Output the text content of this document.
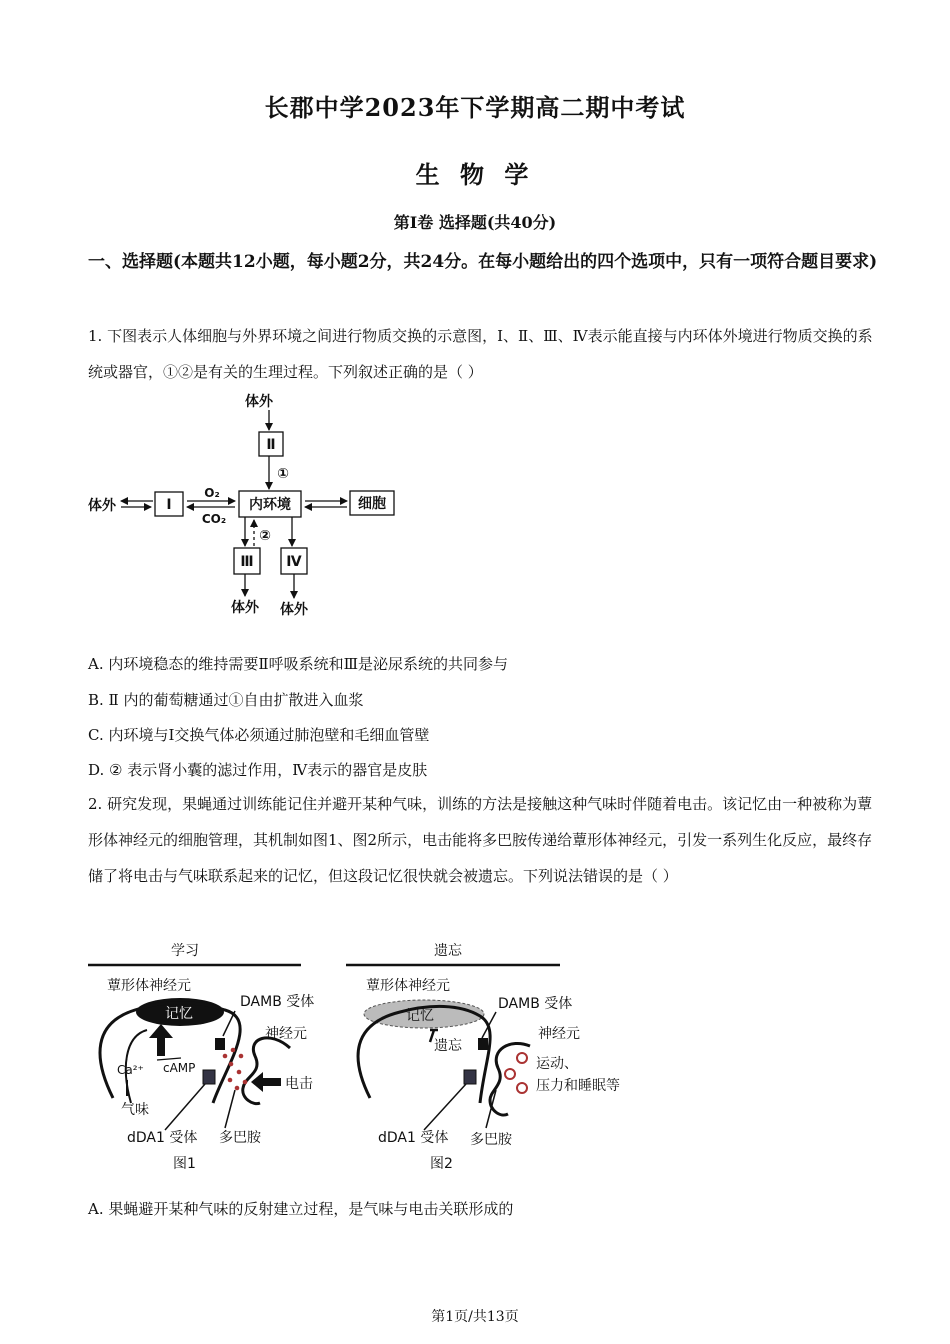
长郡中学2023年下学期高二期中考试
生 物 学
第Ⅰ卷 选择题(共40分)
一、选择题(本题共12小题，每小题2分，共24分。在每小题给出的四个选项中，只有一项符合题目要求)
1. 下图表示人体细胞与外界环境之间进行物质交换的示意图，Ⅰ、Ⅱ、Ⅲ、Ⅳ表示能直接与内环体外境进行物质交换的系统或器官，①②是有关的生理过程。下列叙述正确的是（ ）
体外
Ⅱ
①
体外	Ⅰ
O₂
CO₂
内环境	细胞
②
Ⅲ Ⅳ
体外 体外
A. 内环境稳态的维持需要Ⅱ呼吸系统和Ⅲ是泌尿系统的共同参与
B. Ⅱ 内的葡萄糖通过①自由扩散进入血浆
C. 内环境与Ⅰ交换气体必须通过肺泡壁和毛细血管壁
D. ② 表示肾小囊的滤过作用，Ⅳ表示的器官是皮肤
2. 研究发现，果蝇通过训练能记住并避开某种气味，训练的方法是接触这种气味时伴随着电击。该记忆由一种被称为蕈形体神经元的细胞管理，其机制如图1、图2所示，电击能将多巴胺传递给蕈形体神经元，引发一系列生化反应，最终存储了将电击与气味联系起来的记忆，但这段记忆很快就会被遗忘。下列说法错误的是（ ）
学习
蕈形体神经元
记忆
DAMB 受体
神经元
Ca²⁺ cAMP
气味
电击
dDA1 受体 多巴胺
图1
遗忘
蕈形体神经元
记忆
遗忘
DAMB 受体
神经元
运动、
压力和睡眠等
dDA1 受体 多巴胺
图2
A. 果蝇避开某种气味的反射建立过程，是气味与电击关联形成的
第1页/共13页
